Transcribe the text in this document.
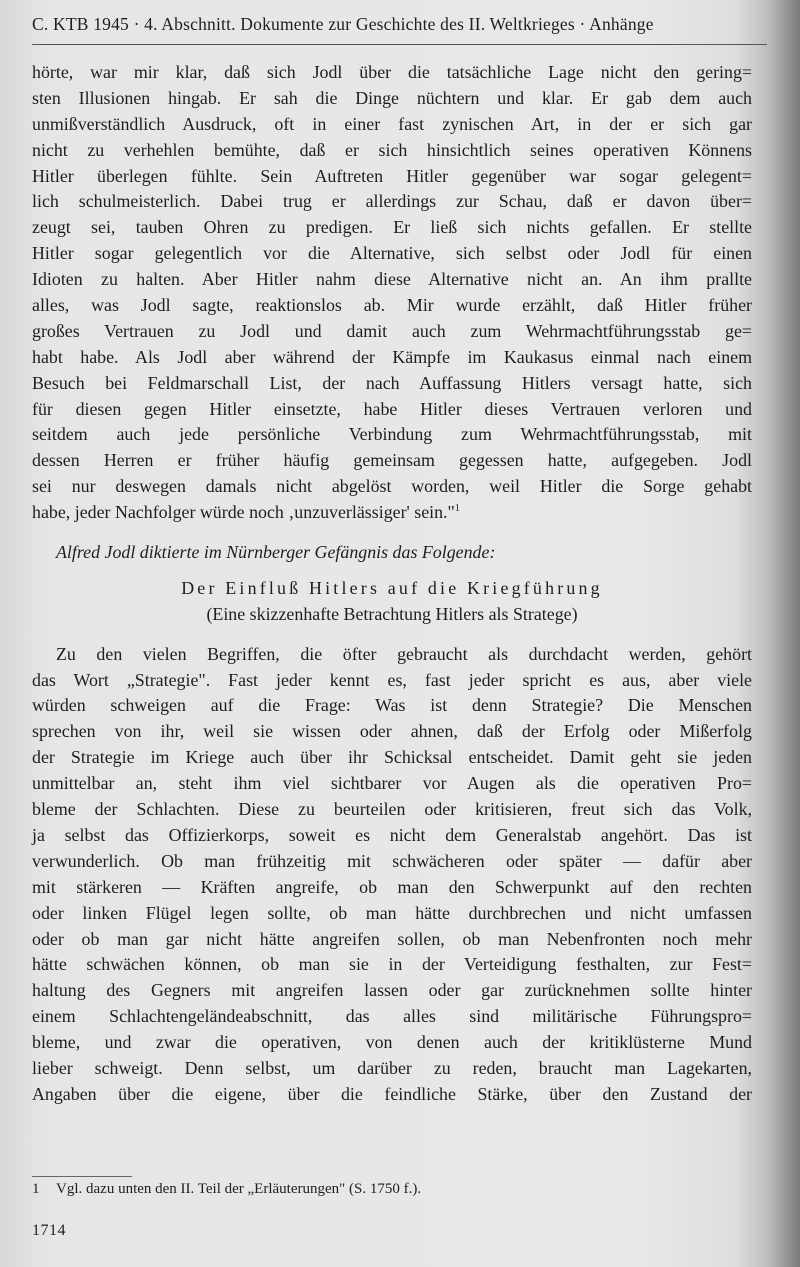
C. KTB 1945 · 4. Abschnitt. Dokumente zur Geschichte des II. Weltkrieges · Anhänge
hörte, war mir klar, daß sich Jodl über die tatsächliche Lage nicht den gering=
sten Illusionen hingab. Er sah die Dinge nüchtern und klar. Er gab dem auch
unmißverständlich Ausdruck, oft in einer fast zynischen Art, in der er sich gar
nicht zu verhehlen bemühte, daß er sich hinsichtlich seines operativen Könnens
Hitler überlegen fühlte. Sein Auftreten Hitler gegenüber war sogar gelegent=
lich schulmeisterlich. Dabei trug er allerdings zur Schau, daß er davon über=
zeugt sei, tauben Ohren zu predigen. Er ließ sich nichts gefallen. Er stellte
Hitler sogar gelegentlich vor die Alternative, sich selbst oder Jodl für einen
Idioten zu halten. Aber Hitler nahm diese Alternative nicht an. An ihm prallte
alles, was Jodl sagte, reaktionslos ab. Mir wurde erzählt, daß Hitler früher
großes Vertrauen zu Jodl und damit auch zum Wehrmachtführungsstab ge=
habt habe. Als Jodl aber während der Kämpfe im Kaukasus einmal nach einem
Besuch bei Feldmarschall List, der nach Auffassung Hitlers versagt hatte, sich
für diesen gegen Hitler einsetzte, habe Hitler dieses Vertrauen verloren und
seitdem auch jede persönliche Verbindung zum Wehrmachtführungsstab, mit
dessen Herren er früher häufig gemeinsam gegessen hatte, aufgegeben. Jodl
sei nur deswegen damals nicht abgelöst worden, weil Hitler die Sorge gehabt
habe, jeder Nachfolger würde noch ‚unzuverlässiger' sein."$^1$
Alfred Jodl diktierte im Nürnberger Gefängnis das Folgende:
Der Einfluß Hitlers auf die Kriegführung
(Eine skizzenhafte Betrachtung Hitlers als Stratege)
Zu den vielen Begriffen, die öfter gebraucht als durchdacht werden, gehört
das Wort „Strategie". Fast jeder kennt es, fast jeder spricht es aus, aber viele
würden schweigen auf die Frage: Was ist denn Strategie? Die Menschen
sprechen von ihr, weil sie wissen oder ahnen, daß der Erfolg oder Mißerfolg
der Strategie im Kriege auch über ihr Schicksal entscheidet. Damit geht sie jeden
unmittelbar an, steht ihm viel sichtbarer vor Augen als die operativen Pro=
bleme der Schlachten. Diese zu beurteilen oder kritisieren, freut sich das Volk,
ja selbst das Offizierkorps, soweit es nicht dem Generalstab angehört. Das ist
verwunderlich. Ob man frühzeitig mit schwächeren oder später — dafür aber
mit stärkeren — Kräften angreife, ob man den Schwerpunkt auf den rechten
oder linken Flügel legen sollte, ob man hätte durchbrechen und nicht umfassen
oder ob man gar nicht hätte angreifen sollen, ob man Nebenfronten noch mehr
hätte schwächen können, ob man sie in der Verteidigung festhalten, zur Fest=
haltung des Gegners mit angreifen lassen oder gar zurücknehmen sollte hinter
einem Schlachtengeländeabschnitt, das alles sind militärische Führungspro=
bleme, und zwar die operativen, von denen auch der kritiklüsterne Mund
lieber schweigt. Denn selbst, um darüber zu reden, braucht man Lagekarten,
Angaben über die eigene, über die feindliche Stärke, über den Zustand der
1 Vgl. dazu unten den II. Teil der „Erläuterungen" (S. 1750 f.).
1714
